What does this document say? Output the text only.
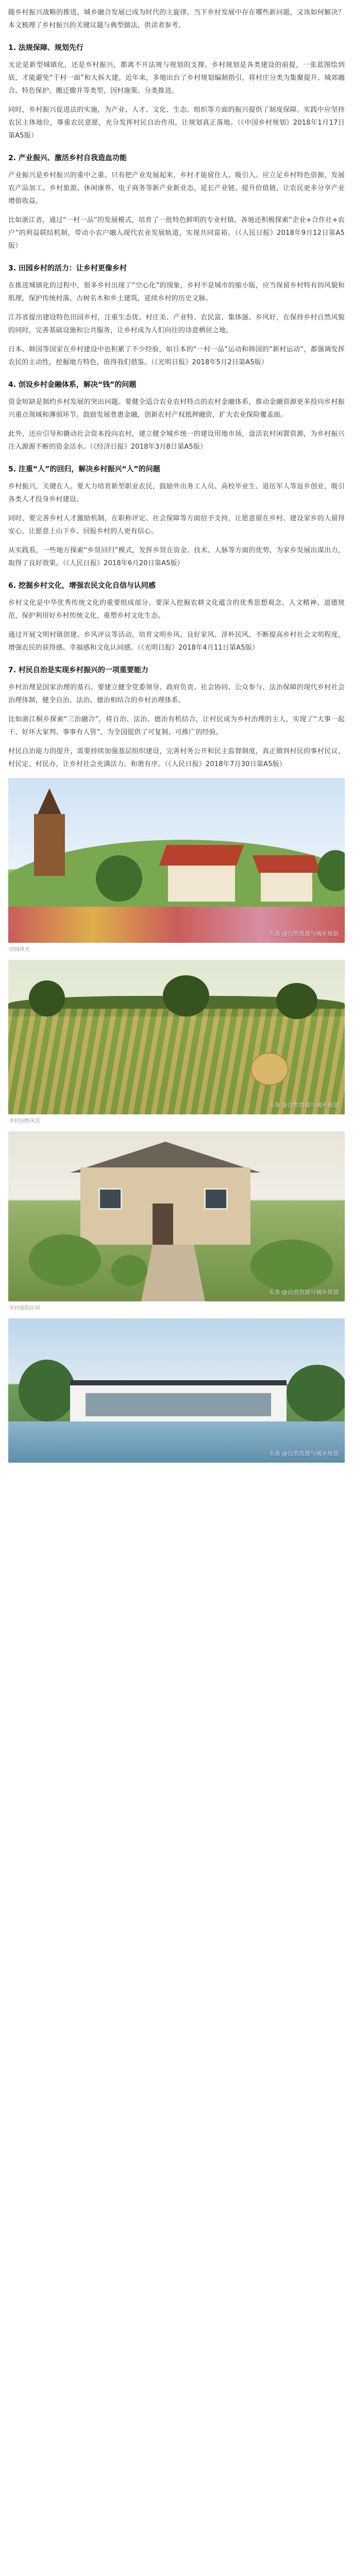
随乡村振兴战略的推进，城乡融合发展已成为时代的主旋律。当下乡村发展中存在哪些新问题，又该如何解决？本文梳理了乡村振兴的关键议题与典型做法，供读者参考。

1. 法规保障、规划先行

无论是新型城镇化，还是乡村振兴，都离不开法规与规划的支撑。乡村规划是各类建设的前提，一张蓝图绘到底，才能避免“千村一面”和大拆大建。近年来，多地出台了乡村规划编制指引，将村庄分类为集聚提升、城郊融合、特色保护、搬迁撤并等类型，因村施策、分类推进。

同时，乡村振兴促进法的实施，为产业、人才、文化、生态、组织等方面的振兴提供了制度保障。实践中应坚持农民主体地位，尊重农民意愿，充分发挥村民自治作用，让规划真正落地。（《中国乡村规划》2018年1月17日第A5版）

2. 产业振兴、激活乡村自我造血功能

产业振兴是乡村振兴的重中之重。只有把产业发展起来，乡村才能留住人、吸引人。应立足乡村特色资源，发展农产品加工、乡村旅游、休闲康养、电子商务等新产业新业态，延长产业链、提升价值链，让农民更多分享产业增值收益。

比如浙江省，通过“一村一品”的发展模式，培育了一批特色鲜明的专业村镇。各地还积极探索“企业+合作社+农户”的利益联结机制，带动小农户融入现代农业发展轨道，实现共同富裕。（《人民日报》2018年9月12日第A5版）

3. 田园乡村的活力：让乡村更像乡村

在推进城镇化的过程中，很多乡村出现了“空心化”的现象。乡村不是城市的缩小版，应当保留乡村特有的风貌和肌理，保护传统村落、古树名木和乡土建筑，延续乡村的历史文脉。

江苏省提出建设特色田园乡村，注重生态优、村庄美、产业特、农民富、集体强、乡风好，在保持乡村自然风貌的同时，完善基础设施和公共服务，让乡村成为人们向往的诗意栖居之地。

日本、韩国等国家在乡村建设中也积累了不少经验，如日本的“一村一品”运动和韩国的“新村运动”，都强调发挥农民的主动性，挖掘地方特色，值得我们借鉴。（《光明日报》2018年5月2日第A5版）

4. 创设乡村金融体系，解决“钱”的问题

资金短缺是制约乡村发展的突出问题。要健全适合农业农村特点的农村金融体系，推动金融资源更多投向乡村振兴重点领域和薄弱环节。鼓励发展普惠金融，创新农村产权抵押融资，扩大农业保险覆盖面。

此外，还应引导和撬动社会资本投向农村，建立健全城乡统一的建设用地市场，盘活农村闲置资源，为乡村振兴注入源源不断的资金活水。（《经济日报》2018年3月8日第A5版）

5. 注重“人”的回归，解决乡村振兴“人”的问题

乡村振兴，关键在人。要大力培育新型职业农民，鼓励外出务工人员、高校毕业生、退伍军人等返乡创业，吸引各类人才投身乡村建设。

同时，要完善乡村人才激励机制，在职称评定、社会保障等方面给予支持，让愿意留在乡村、建设家乡的人留得安心，让愿意上山下乡、回报乡村的人更有信心。

从实践看，一些地方探索“乡贤回归”模式，发挥乡贤在资金、技术、人脉等方面的优势，为家乡发展出谋出力，取得了良好效果。（《人民日报》2018年6月20日第A5版）

6. 挖掘乡村文化，增强农民文化自信与认同感

乡村文化是中华优秀传统文化的重要组成部分。要深入挖掘农耕文化蕴含的优秀思想观念、人文精神、道德规范，保护利用好乡村传统文化，重塑乡村文化生态。

通过开展文明村镇创建、乡风评议等活动，培育文明乡风、良好家风、淳朴民风，不断提高乡村社会文明程度，增强农民的获得感、幸福感和文化认同感。（《光明日报》2018年4月11日第A5版）

7. 村民自治是实现乡村振兴的一项重要能力

乡村治理是国家治理的基石。要建立健全党委领导、政府负责、社会协同、公众参与、法治保障的现代乡村社会治理体制，健全自治、法治、德治相结合的乡村治理体系。

比如浙江桐乡探索“三治融合”，将自治、法治、德治有机结合，让村民成为乡村治理的主人，实现了“大事一起干、好坏大家判、事事有人管”，为全国提供了可复制、可推广的经验。

村民自治能力的提升，需要持续加强基层组织建设，完善村务公开和民主监督制度，真正做到村民的事村民议、村民定、村民办，让乡村社会充满活力、和谐有序。（《人民日报》2018年7月30日第A5版）

头条 @自然资源与城乡规划
田园风光
头条 @自然资源与城乡规划
乡村田野风光
头条 @自然资源与城乡规划
乡村庭院民居
头条 @自然资源与城乡规划
